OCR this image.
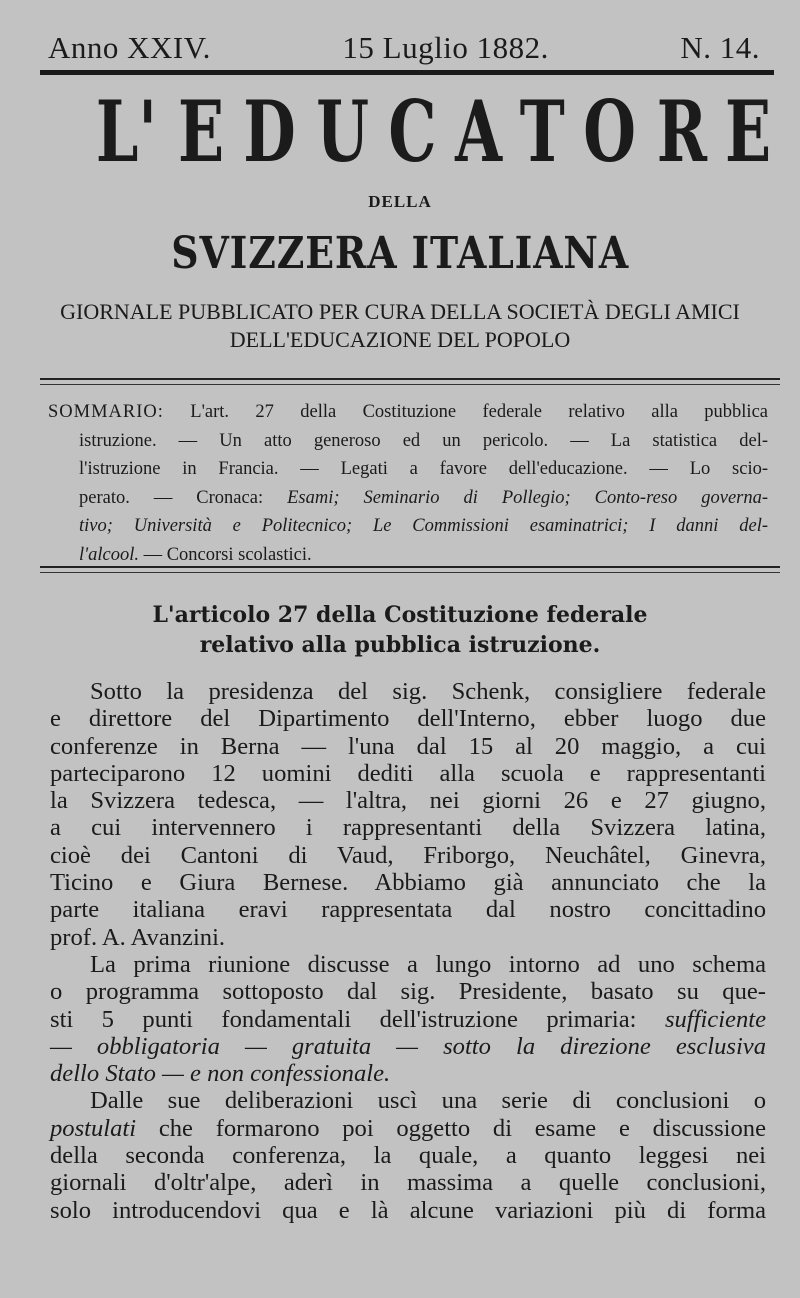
Anno XXIV.	15 Luglio 1882.	N. 14.
L' E D U C A T O R E
DELLA
SVIZZERA ITALIANA
GIORNALE PUBBLICATO PER CURA DELLA SOCIETÀ DEGLI AMICI
DELL'EDUCAZIONE DEL POPOLO
SOMMARIO: L'art. 27 della Costituzione federale relativo alla pubblica
istruzione. — Un atto generoso ed un pericolo. — La statistica del-
l'istruzione in Francia. — Legati a favore dell'educazione. — Lo scio-
perato. — Cronaca: Esami; Seminario di Pollegio; Conto-reso governa-
tivo; Università e Politecnico; Le Commissioni esaminatrici; I danni del-
l'alcool. — Concorsi scolastici.
L'articolo 27 della Costituzione federale
relativo alla pubblica istruzione.
Sotto la presidenza del sig. Schenk, consigliere federale
e direttore del Dipartimento dell'Interno, ebber luogo due
conferenze in Berna — l'una dal 15 al 20 maggio, a cui
parteciparono 12 uomini dediti alla scuola e rappresentanti
la Svizzera tedesca, — l'altra, nei giorni 26 e 27 giugno,
a cui intervennero i rappresentanti della Svizzera latina,
cioè dei Cantoni di Vaud, Friborgo, Neuchâtel, Ginevra,
Ticino e Giura Bernese. Abbiamo già annunciato che la
parte italiana eravi rappresentata dal nostro concittadino
prof. A. Avanzini.
La prima riunione discusse a lungo intorno ad uno schema
o programma sottoposto dal sig. Presidente, basato su que-
sti 5 punti fondamentali dell'istruzione primaria: sufficiente
— obbligatoria — gratuita — sotto la direzione esclusiva
dello Stato — e non confessionale.
Dalle sue deliberazioni uscì una serie di conclusioni o
postulati che formarono poi oggetto di esame e discussione
della seconda conferenza, la quale, a quanto leggesi nei
giornali d'oltr'alpe, aderì in massima a quelle conclusioni,
solo introducendovi qua e là alcune variazioni più di forma
